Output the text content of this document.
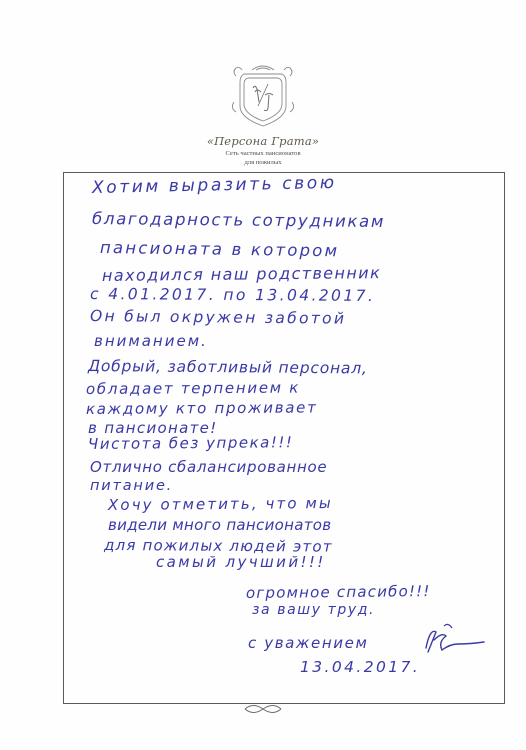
«Персона Грата»
Сеть частных пансионатов
для пожилых
Хотим выразить свою
благодарность сотрудникам
пансионата в котором
находился наш родственник
с 4.01.2017. по 13.04.2017.
Он был окружен заботой
вниманием.
Добрый, заботливый персонал,
обладает терпением к
каждому кто проживает
в пансионате!
Чистота без упрека!!!
Отлично сбалансированное
питание.
Хочу отметить, что мы
видели много пансионатов
для пожилых людей этот
самый лучший!!!
огромное спасибо!!!
за вашу труд.
с уважением
13.04.2017.
